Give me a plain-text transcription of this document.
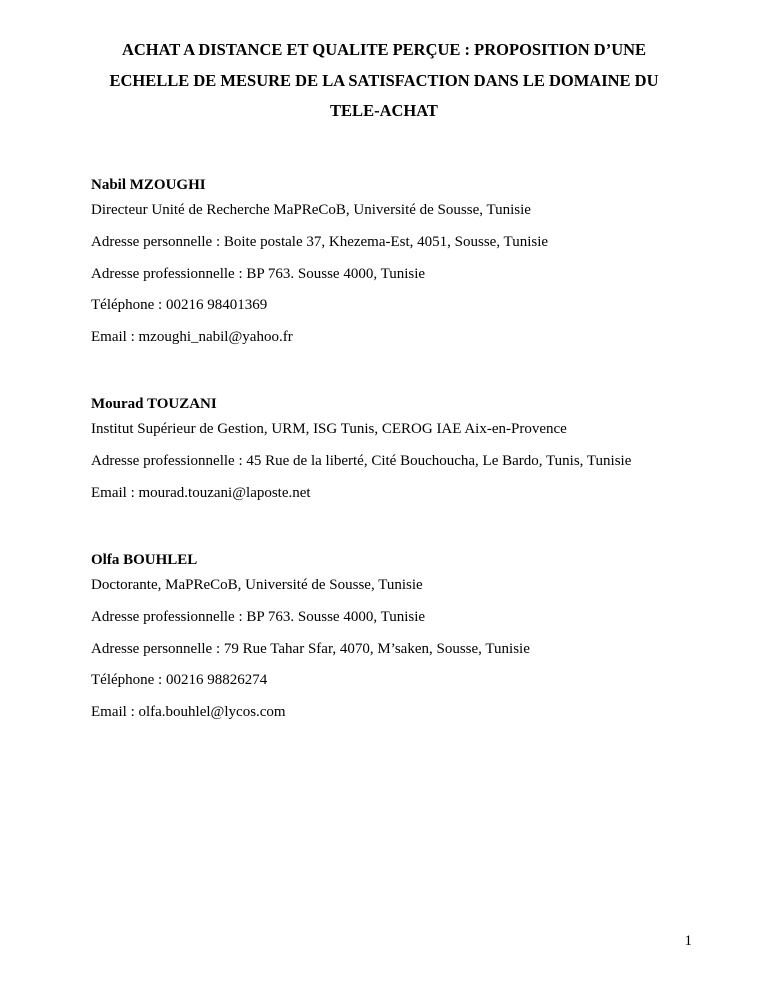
ACHAT A DISTANCE ET QUALITE PERÇUE : PROPOSITION D’UNE
ECHELLE DE MESURE DE LA SATISFACTION DANS LE DOMAINE DU
TELE-ACHAT

Nabil MZOUGHI

Directeur Unité de Recherche MaPReCoB, Université de Sousse, Tunisie

Adresse personnelle : Boite postale 37, Khezema-Est, 4051, Sousse, Tunisie

Adresse professionnelle : BP 763. Sousse 4000, Tunisie

Téléphone : 00216 98401369

Email : mzoughi_nabil@yahoo.fr

Mourad TOUZANI

Institut Supérieur de Gestion, URM, ISG Tunis, CEROG IAE Aix-en-Provence

Adresse professionnelle : 45 Rue de la liberté, Cité Bouchoucha, Le Bardo, Tunis, Tunisie

Email : mourad.touzani@laposte.net

Olfa BOUHLEL

Doctorante, MaPReCoB, Université de Sousse, Tunisie

Adresse professionnelle : BP 763. Sousse 4000, Tunisie

Adresse personnelle : 79 Rue Tahar Sfar, 4070, M’saken, Sousse, Tunisie

Téléphone : 00216 98826274

Email : olfa.bouhlel@lycos.com

1
